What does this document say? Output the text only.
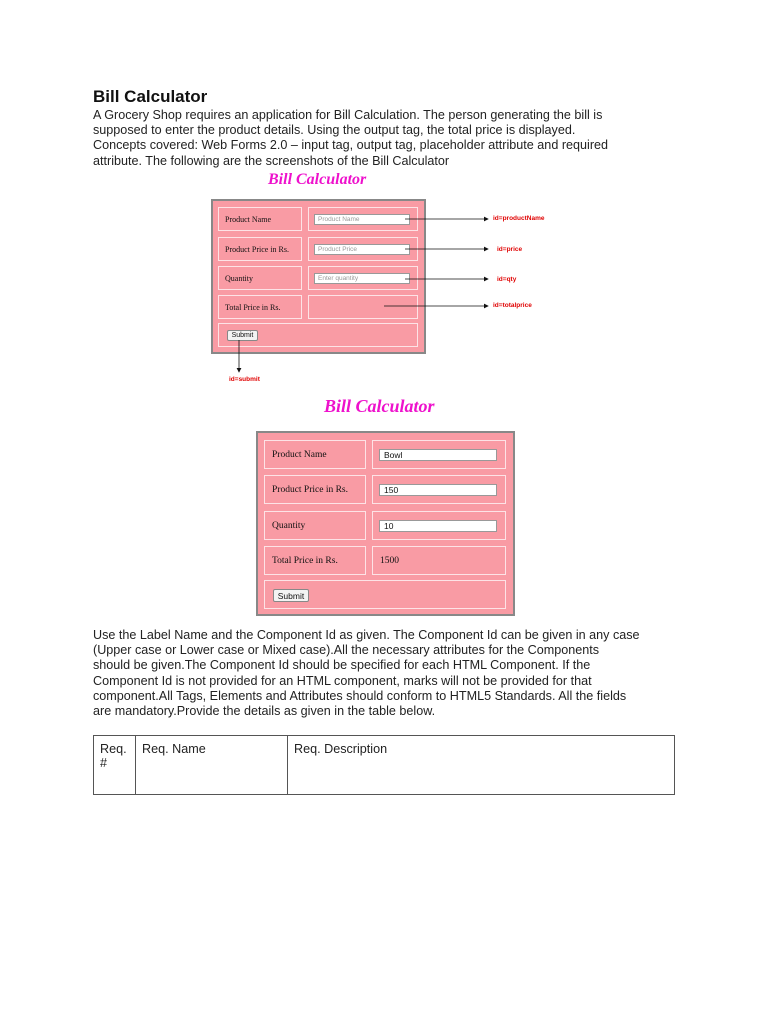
Bill Calculator
A Grocery Shop requires an application for Bill Calculation. The person generating the bill is
supposed to enter the product details. Using the output tag, the total price is displayed.
Concepts covered: Web Forms 2.0 – input tag, output tag, placeholder attribute and required
attribute. The following are the screenshots of the Bill Calculator
Bill Calculator
Product Name	Product Name
Product Price in Rs.	Product Price
Quantity	Enter quantity
Total Price in Rs.
Submit
id=productName
id=price
id=qty
id=totalprice
id=submit
Bill Calculator
Product Name	Bowl
Product Price in Rs.	150
Quantity	10
Total Price in Rs.	1500
Submit
Use the Label Name and the Component Id as given. The Component Id can be given in any case
(Upper case or Lower case or Mixed case).All the necessary attributes for the Components
should be given.The Component Id should be specified for each HTML Component. If the
Component Id is not provided for an HTML component, marks will not be provided for that
component.All Tags, Elements and Attributes should conform to HTML5 Standards. All the fields
are mandatory.Provide the details as given in the table below.
Req. #	Req. Name	Req. Description
